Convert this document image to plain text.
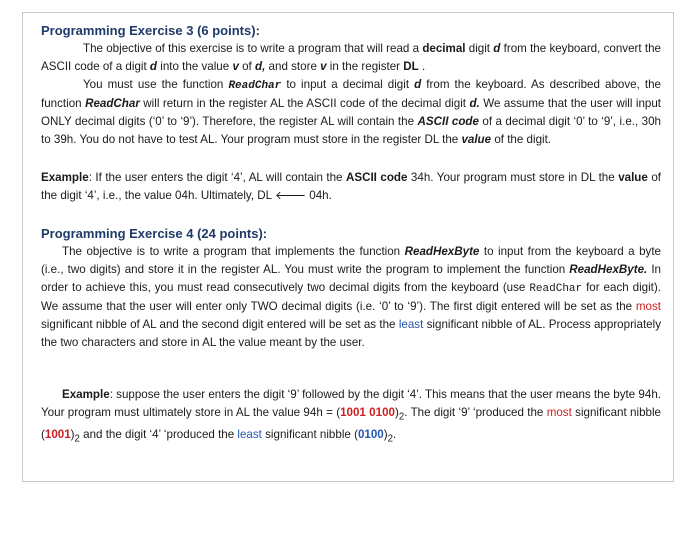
Programming Exercise 3 (6 points):

The objective of this exercise is to write a program that will read a decimal digit d from the keyboard, convert the ASCII code of a digit d into the value v of d, and store v in the register DL .

You must use the function ReadChar to input a decimal digit d from the keyboard. As described above, the function ReadChar will return in the register AL the ASCII code of the decimal digit d. We assume that the user will input ONLY decimal digits (‘0’ to ‘9’). Therefore, the register AL will contain the ASCII code of a decimal digit ‘0’ to ‘9’, i.e., 30h to 39h. You do not have to test AL. Your program must store in the register DL the value of the digit.

Example: If the user enters the digit ‘4’, AL will contain the ASCII code 34h. Your program must store in DL the value of the digit ‘4’, i.e., the value 04h. Ultimately, DL 🡐 04h.

Programming Exercise 4 (24 points):

The objective is to write a program that implements the function ReadHexByte to input from the keyboard a byte (i.e., two digits) and store it in the register AL. You must write the program to implement the function ReadHexByte. In order to achieve this, you must read consecutively two decimal digits from the keyboard (use ReadChar for each digit). We assume that the user will enter only TWO decimal digits (i.e. ‘0’ to ‘9’). The first digit entered will be set as the most significant nibble of AL and the second digit entered will be set as the least significant nibble of AL. Process appropriately the two characters and store in AL the value meant by the user.

Example: suppose the user enters the digit ‘9’ followed by the digit ‘4’. This means that the user means the byte 94h. Your program must ultimately store in AL the value 94h = (1001 $0100)_2$. The digit ‘9’ ‘produced the most significant nibble $(1001)_2$ and the digit ‘4’ ‘produced the least significant nibble $(0100)_2$.
